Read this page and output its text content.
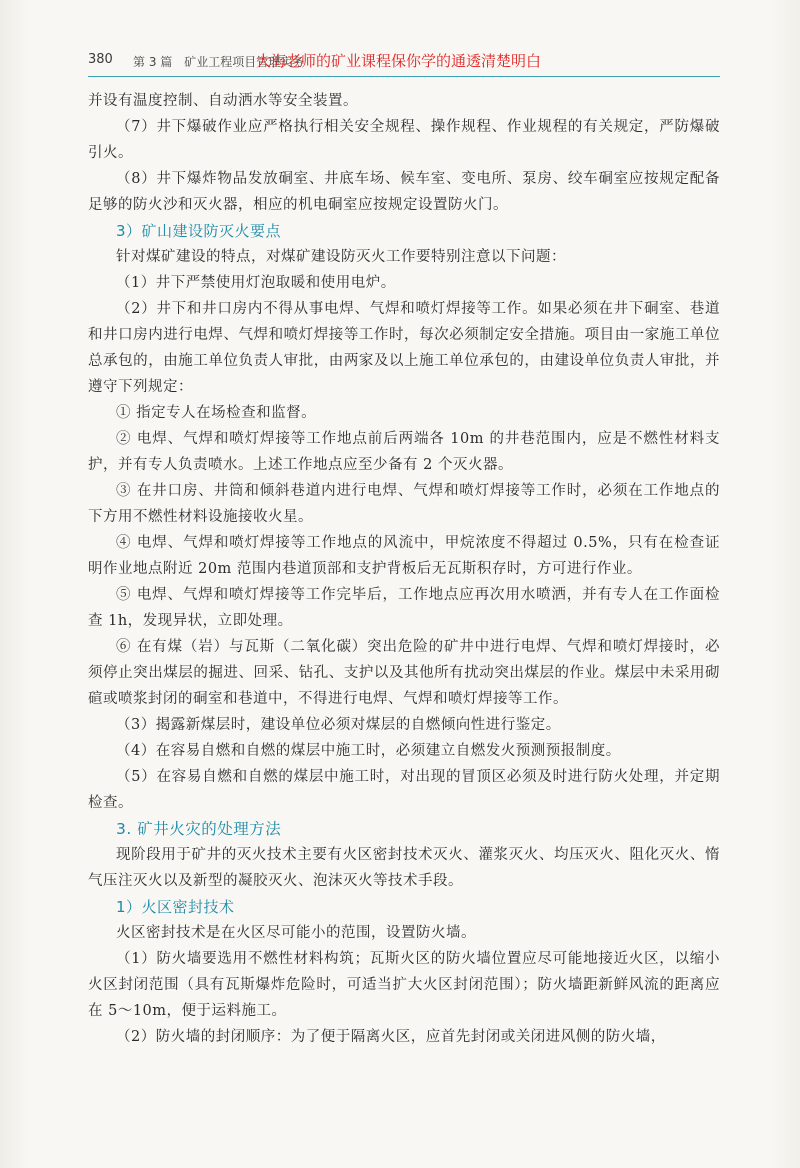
380 第 3 篇　矿业工程项目管理实务
大海老师的矿业课程保你学的通透清楚明白

并设有温度控制、自动洒水等安全装置。

（7）井下爆破作业应严格执行相关安全规程、操作规程、作业规程的有关规定，严防爆破引火。

（8）井下爆炸物品发放硐室、井底车场、候车室、变电所、泵房、绞车硐室应按规定配备足够的防火沙和灭火器，相应的机电硐室应按规定设置防火门。

3）矿山建设防灭火要点

针对煤矿建设的特点，对煤矿建设防灭火工作要特别注意以下问题：

（1）井下严禁使用灯泡取暖和使用电炉。

（2）井下和井口房内不得从事电焊、气焊和喷灯焊接等工作。如果必须在井下硐室、巷道和井口房内进行电焊、气焊和喷灯焊接等工作时，每次必须制定安全措施。项目由一家施工单位总承包的，由施工单位负责人审批，由两家及以上施工单位承包的，由建设单位负责人审批，并遵守下列规定：

① 指定专人在场检查和监督。

② 电焊、气焊和喷灯焊接等工作地点前后两端各 10m 的井巷范围内，应是不燃性材料支护，并有专人负责喷水。上述工作地点应至少备有 2 个灭火器。

③ 在井口房、井筒和倾斜巷道内进行电焊、气焊和喷灯焊接等工作时，必须在工作地点的下方用不燃性材料设施接收火星。

④ 电焊、气焊和喷灯焊接等工作地点的风流中，甲烷浓度不得超过 0.5%，只有在检查证明作业地点附近 20m 范围内巷道顶部和支护背板后无瓦斯积存时，方可进行作业。

⑤ 电焊、气焊和喷灯焊接等工作完毕后，工作地点应再次用水喷洒，并有专人在工作面检查 1h，发现异状，立即处理。

⑥ 在有煤（岩）与瓦斯（二氧化碳）突出危险的矿井中进行电焊、气焊和喷灯焊接时，必须停止突出煤层的掘进、回采、钻孔、支护以及其他所有扰动突出煤层的作业。煤层中未采用砌碹或喷浆封闭的硐室和巷道中，不得进行电焊、气焊和喷灯焊接等工作。

（3）揭露新煤层时，建设单位必须对煤层的自燃倾向性进行鉴定。

（4）在容易自燃和自燃的煤层中施工时，必须建立自燃发火预测预报制度。

（5）在容易自燃和自燃的煤层中施工时，对出现的冒顶区必须及时进行防火处理，并定期检查。

3. 矿井火灾的处理方法

现阶段用于矿井的灭火技术主要有火区密封技术灭火、灌浆灭火、均压灭火、阻化灭火、惰气压注灭火以及新型的凝胶灭火、泡沫灭火等技术手段。

1）火区密封技术

火区密封技术是在火区尽可能小的范围，设置防火墙。

（1）防火墙要选用不燃性材料构筑；瓦斯火区的防火墙位置应尽可能地接近火区，以缩小火区封闭范围（具有瓦斯爆炸危险时，可适当扩大火区封闭范围）；防火墙距新鲜风流的距离应在 5～10m，便于运料施工。

（2）防火墙的封闭顺序：为了便于隔离火区，应首先封闭或关闭进风侧的防火墙，
